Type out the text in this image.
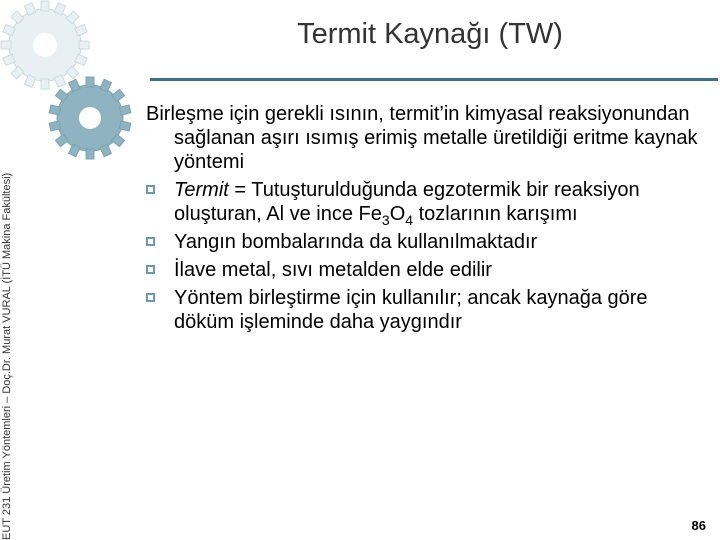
EUT 231 Üretim Yöntemleri – Doç.Dr. Murat VURAL (İTÜ Makina Fakültesi)
Termit Kaynağı (TW)

Birleşme için gerekli ısının, termit’in kimyasal reaksiyonundan sağlanan aşırı ısımış erimiş metalle üretildiği eritme kaynak yöntemi

Termit = Tutuşturulduğunda egzotermik bir reaksiyon oluşturan, Al ve ince $Fe_3O_4$ tozlarının karışımı
Yangın bombalarında da kullanılmaktadır
İlave metal, sıvı metalden elde edilir
Yöntem birleştirme için kullanılır; ancak kaynağa göre döküm işleminde daha yaygındır
86
